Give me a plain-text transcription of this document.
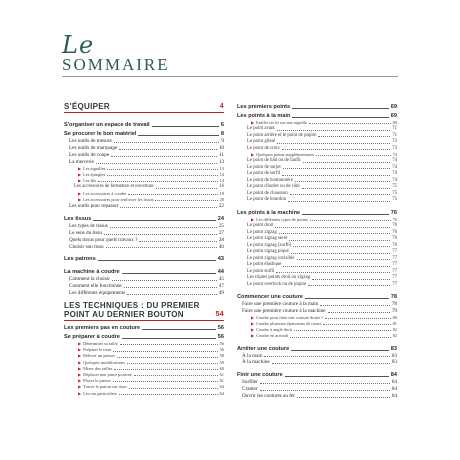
Le
SOMMAIRE
S'ÉQUIPER	4
S'organiser un espace de travail	6
Se procurer le bon matériel	8
Les outils de mesure	9
Les outils de marquage	10
Les outils de coupe	11
La mercerie	13
▶ Les aiguilles	13
▶ Les épingles	14
▶ Les fils	14
Les accessoires de fermeture et ouverture	16
▶ Les accessoires à coudre	18
▶ Les accessoires pour renforcer les tissus	20
Les outils pour repasser	22
Les tissus	24
Les types de tissus	25
Le sens du tissu	27
Quels tissus pour quels travaux ?	28
Choisir son tissu	40
Les patrons	43
La machine à coudre	44
Comment la choisir	45
Comment elle fonctionne	47
Les différents équipements	49
LES TECHNIQUES : DU PREMIER POINT AU DERNIER BOUTON	54
Les premiers pas en couture	56
Se préparer à coudre	56
▶ Déterminer sa taille	56
▶ Préparer le tissu	56
▶ Relever un patron	58
▶ Quelques modifications	59
▶ Mixer des tailles	60
▶ Déplacer une pince poitrine	61
▶ Placer le patron	61
▶ Tracer le patron sur tissu	64
▶ Les cas particuliers	64
Les premiers points	69
Les points à la main	69
▶ Enfiler un fil sur une aiguille	69
Le point avant	71
Le point arrière et le point de piqûre	71
Le point glissé	72
Le point de croix	73
▶ Quelques points supplémentaires	74
Le point de bâti ou de faufil	74
Le point de surjet	74
Le point de surfil	74
Le point de boutonnière	74
Le point d'ourlet ou de côté	75
Le point de chausson	75
Le point de bourdon	75
Les points à la machine	76
▶ Les différents types de points	76
Le point droit	76
Le point zigzag	76
Le point zigzag serré	76
Le point zigzag (surfil)	76
Le point zigzag piqué	77
Le point zigzag invisible	77
Le point élastique	77
Le point surfil	77
Les triples points droit ou zigzag	77
Le point overlock ou de piqûre	77
Commencer une couture	78
Faire une première couture à la main	78
Faire une première couture à la machine	79
▶ Coudre pour faire une couture droite ?	80
▶ Coudre plusieurs épaisseurs de tissus	81
▶ Coudre à angle droit	82
▶ Coudre en arrondi	82
Arrêter une couture	83
À la main	83
À la machine	83
Finir une couture	84
Surfiler	84
Cranter	84
Ouvrir les coutures au fer	84
